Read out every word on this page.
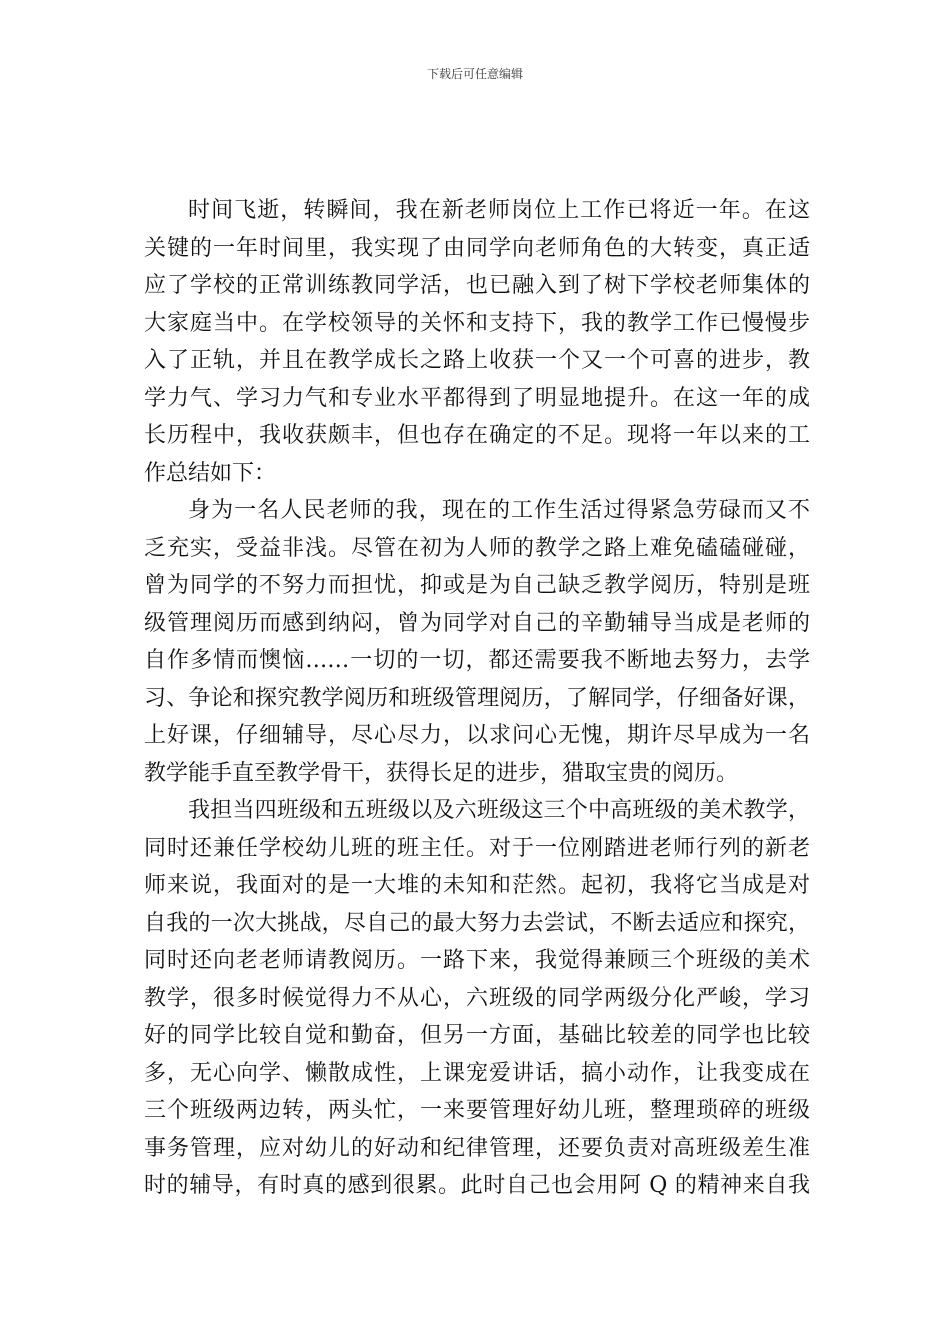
下载后可任意编辑
时间飞逝，转瞬间，我在新老师岗位上工作已将近一年。在这
关键的一年时间里，我实现了由同学向老师角色的大转变，真正适
应了学校的正常训练教同学活，也已融入到了树下学校老师集体的
大家庭当中。在学校领导的关怀和支持下，我的教学工作已慢慢步
入了正轨，并且在教学成长之路上收获一个又一个可喜的进步，教
学力气、学习力气和专业水平都得到了明显地提升。在这一年的成
长历程中，我收获颇丰，但也存在确定的不足。现将一年以来的工
作总结如下：
身为一名人民老师的我，现在的工作生活过得紧急劳碌而又不
乏充实，受益非浅。尽管在初为人师的教学之路上难免磕磕碰碰，
曾为同学的不努力而担忧，抑或是为自己缺乏教学阅历，特别是班
级管理阅历而感到纳闷，曾为同学对自己的辛勤辅导当成是老师的
自作多情而懊恼……一切的一切，都还需要我不断地去努力，去学
习、争论和探究教学阅历和班级管理阅历，了解同学，仔细备好课，
上好课，仔细辅导，尽心尽力，以求问心无愧，期许尽早成为一名
教学能手直至教学骨干，获得长足的进步，猎取宝贵的阅历。
我担当四班级和五班级以及六班级这三个中高班级的美术教学，
同时还兼任学校幼儿班的班主任。对于一位刚踏进老师行列的新老
师来说，我面对的是一大堆的未知和茫然。起初，我将它当成是对
自我的一次大挑战，尽自己的最大努力去尝试，不断去适应和探究，
同时还向老老师请教阅历。一路下来，我觉得兼顾三个班级的美术
教学，很多时候觉得力不从心，六班级的同学两级分化严峻，学习
好的同学比较自觉和勤奋，但另一方面，基础比较差的同学也比较
多，无心向学、懒散成性，上课宠爱讲话，搞小动作，让我变成在
三个班级两边转，两头忙，一来要管理好幼儿班，整理琐碎的班级
事务管理，应对幼儿的好动和纪律管理，还要负责对高班级差生准
时的辅导，有时真的感到很累。此时自己也会用阿 Q 的精神来自我
